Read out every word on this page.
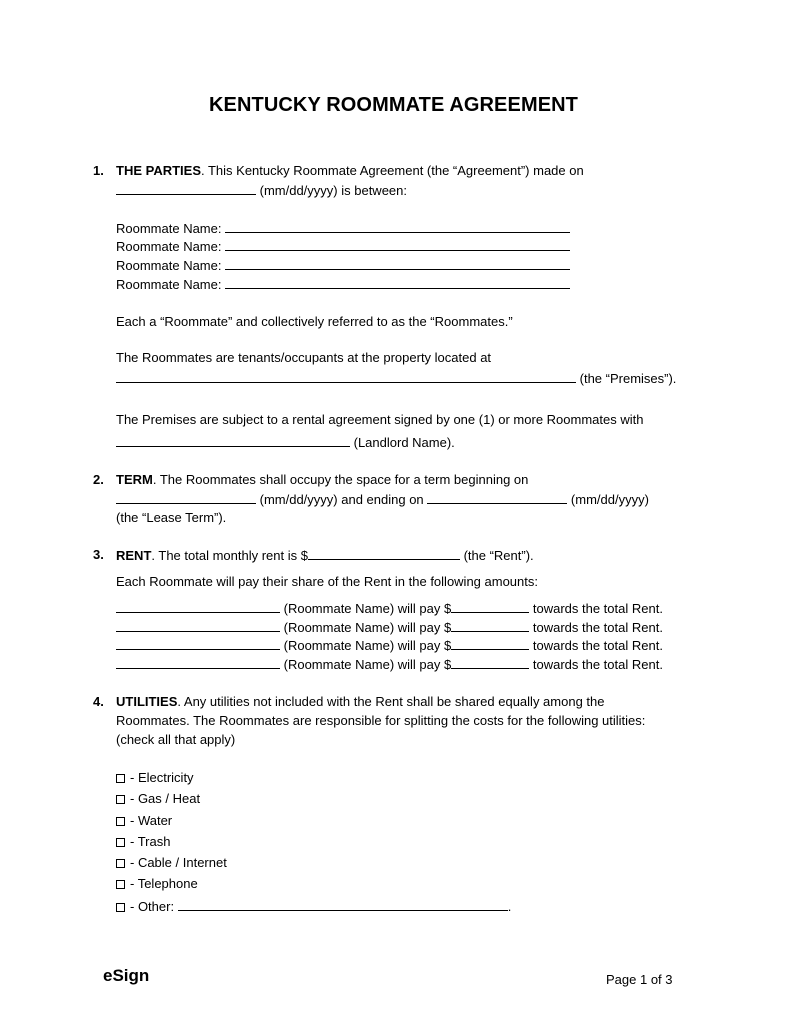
KENTUCKY ROOMMATE AGREEMENT
1. THE PARTIES. This Kentucky Roommate Agreement (the “Agreement”) made on
(mm/dd/yyyy) is between:
Roommate Name:
Roommate Name:
Roommate Name:
Roommate Name:
Each a “Roommate” and collectively referred to as the “Roommates.”
The Roommates are tenants/occupants at the property located at
(the “Premises”).
The Premises are subject to a rental agreement signed by one (1) or more Roommates with
(Landlord Name).
2. TERM. The Roommates shall occupy the space for a term beginning on
(mm/dd/yyyy) and ending on	(mm/dd/yyyy)
(the “Lease Term”).
3. RENT. The total monthly rent is $	(the “Rent”).
Each Roommate will pay their share of the Rent in the following amounts:
(Roommate Name) will pay $	towards the total Rent.
(Roommate Name) will pay $	towards the total Rent.
(Roommate Name) will pay $	towards the total Rent.
(Roommate Name) will pay $	towards the total Rent.
4. UTILITIES. Any utilities not included with the Rent shall be shared equally among the
Roommates. The Roommates are responsible for splitting the costs for the following utilities:
(check all that apply)
- Electricity
- Gas / Heat
- Water
- Trash
- Cable / Internet
- Telephone
- Other:	.
eSign	Page 1 of 3
